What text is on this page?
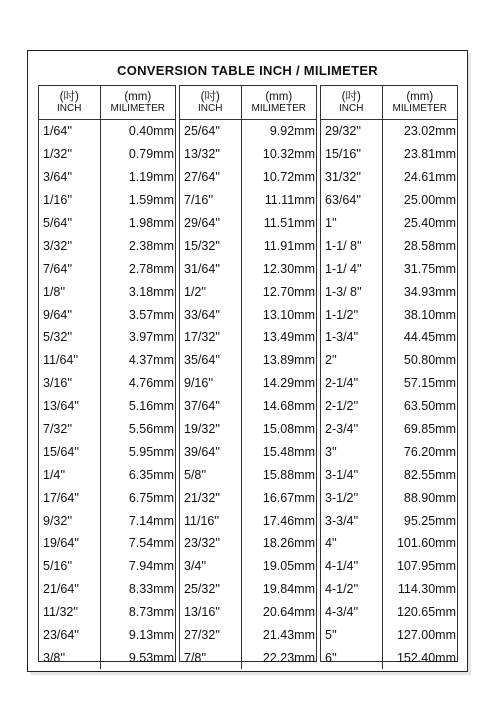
CONVERSION TABLE INCH / MILIMETER
(吋)
INCH	(mm)
MILIMETER

1/64''	0.40mm
1/32''	0.79mm
3/64''	1.19mm
1/16''	1.59mm
5/64''	1.98mm
3/32''	2.38mm
7/64''	2.78mm
1/8''	3.18mm
9/64''	3.57mm
5/32''	3.97mm
11/64''	4.37mm
3/16''	4.76mm
13/64''	5.16mm
7/32''	5.56mm
15/64''	5.95mm
1/4''	6.35mm
17/64''	6.75mm
9/32''	7.14mm
19/64''	7.54mm
5/16''	7.94mm
21/64''	8.33mm
11/32''	8.73mm
23/64''	9.13mm
3/8''	9.53mm
(吋)
INCH	(mm)
MILIMETER

25/64''	9.92mm
13/32''	10.32mm
27/64''	10.72mm
7/16''	11.11mm
29/64''	11.51mm
15/32''	11.91mm
31/64''	12.30mm
1/2''	12.70mm
33/64''	13.10mm
17/32''	13.49mm
35/64''	13.89mm
9/16''	14.29mm
37/64''	14.68mm
19/32''	15.08mm
39/64''	15.48mm
5/8''	15.88mm
21/32''	16.67mm
11/16''	17.46mm
23/32''	18.26mm
3/4''	19.05mm
25/32''	19.84mm
13/16''	20.64mm
27/32''	21.43mm
7/8''	22.23mm
(吋)
INCH	(mm)
MILIMETER

29/32''	23.02mm
15/16''	23.81mm
31/32''	24.61mm
63/64''	25.00mm
1''	25.40mm
1-1/ 8''	28.58mm
1-1/ 4''	31.75mm
1-3/ 8''	34.93mm
1-1/2''	38.10mm
1-3/4''	44.45mm
2''	50.80mm
2-1/4''	57.15mm
2-1/2''	63.50mm
2-3/4''	69.85mm
3''	76.20mm
3-1/4''	82.55mm
3-1/2''	88.90mm
3-3/4''	95.25mm
4''	101.60mm
4-1/4''	107.95mm
4-1/2''	114.30mm
4-3/4''	120.65mm
5''	127.00mm
6''	152.40mm
